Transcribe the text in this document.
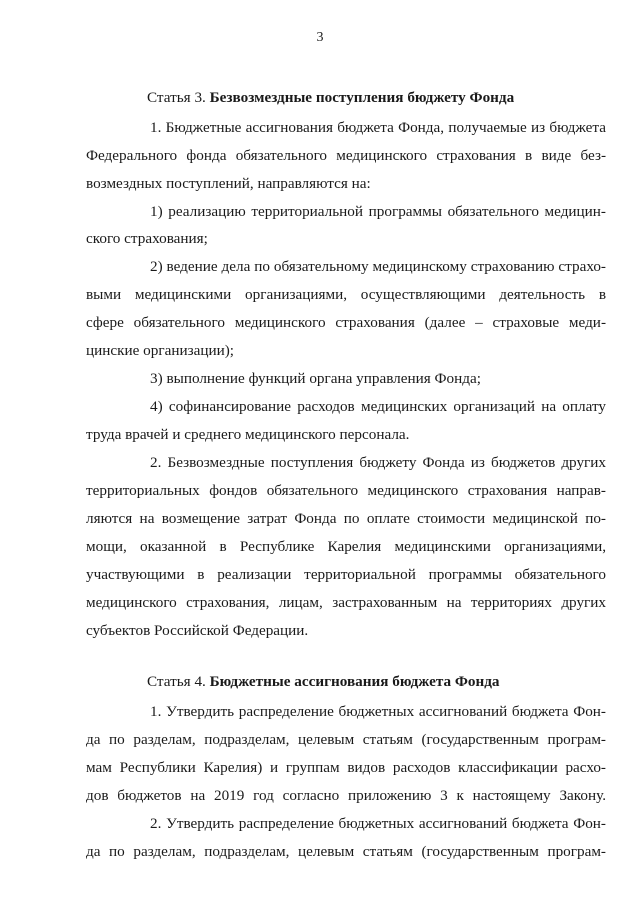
3
Статья 3. Безвозмездные поступления бюджету Фонда
1. Бюджетные ассигнования бюджета Фонда, получаемые из бюджета
Федерального фонда обязательного медицинского страхования в виде без-
возмездных поступлений, направляются на:
1) реализацию территориальной программы обязательного медицин-
ского страхования;
2) ведение дела по обязательному медицинскому страхованию страхо-
выми медицинскими организациями, осуществляющими деятельность в
сфере обязательного медицинского страхования (далее – страховые меди-
цинские организации);
3) выполнение функций органа управления Фонда;
4) софинансирование расходов медицинских организаций на оплату
труда врачей и среднего медицинского персонала.
2. Безвозмездные поступления бюджету Фонда из бюджетов других
территориальных фондов обязательного медицинского страхования направ-
ляются на возмещение затрат Фонда по оплате стоимости медицинской по-
мощи, оказанной в Республике Карелия медицинскими организациями,
участвующими в реализации территориальной программы обязательного
медицинского страхования, лицам, застрахованным на территориях других
субъектов Российской Федерации.
Статья 4. Бюджетные ассигнования бюджета Фонда
1. Утвердить распределение бюджетных ассигнований бюджета Фон-
да по разделам, подразделам, целевым статьям (государственным програм-
мам Республики Карелия) и группам видов расходов классификации расхо-
дов бюджетов на 2019 год согласно приложению 3 к настоящему Закону.
2. Утвердить распределение бюджетных ассигнований бюджета Фон-
да по разделам, подразделам, целевым статьям (государственным програм-
